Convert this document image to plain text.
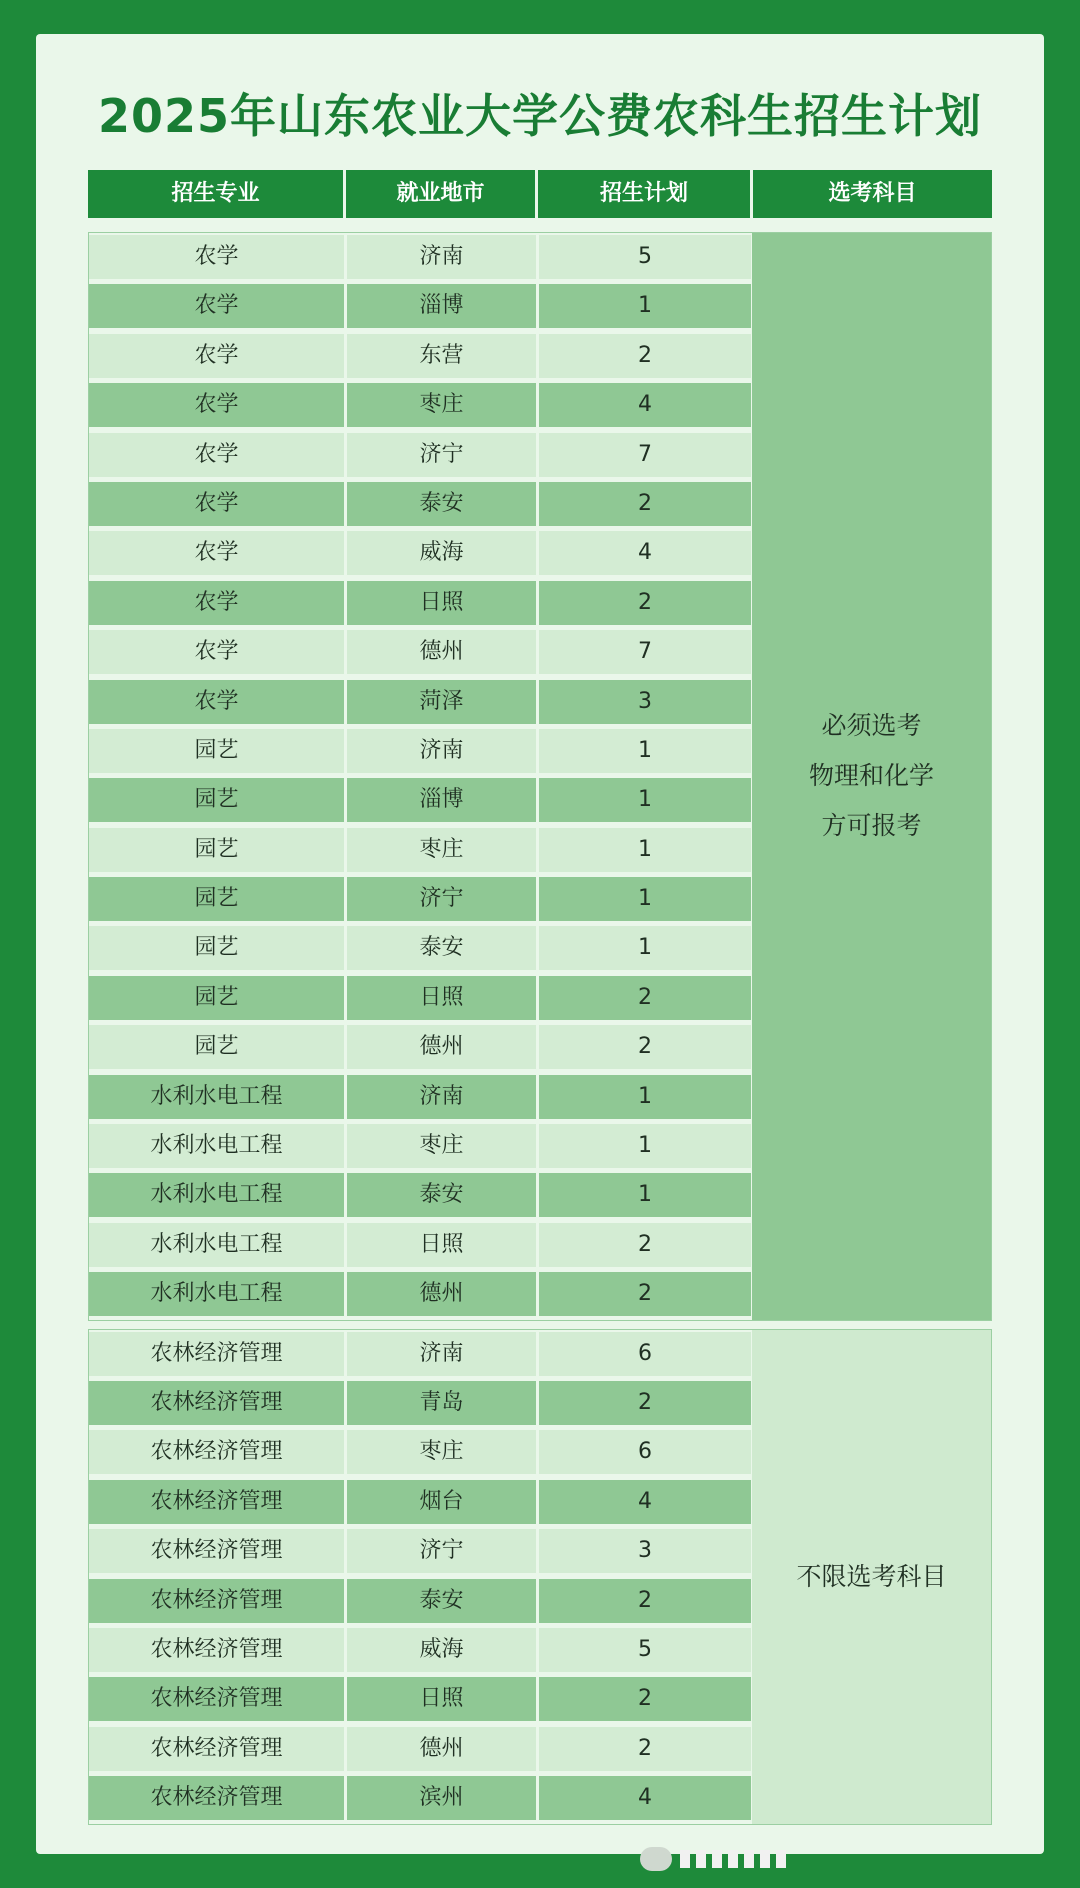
2025年山东农业大学公费农科生招生计划
招生专业	就业地市	招生计划	选考科目
农学	济南	5
农学	淄博	1
农学	东营	2
农学	枣庄	4
农学	济宁	7
农学	泰安	2
农学	威海	4
农学	日照	2
农学	德州	7
农学	菏泽	3
园艺	济南	1
园艺	淄博	1
园艺	枣庄	1
园艺	济宁	1
园艺	泰安	1
园艺	日照	2
园艺	德州	2
水利水电工程	济南	1
水利水电工程	枣庄	1
水利水电工程	泰安	1
水利水电工程	日照	2
水利水电工程	德州	2
必须选考
物理和化学
方可报考
农林经济管理	济南	6
农林经济管理	青岛	2
农林经济管理	枣庄	6
农林经济管理	烟台	4
农林经济管理	济宁	3
农林经济管理	泰安	2
农林经济管理	威海	5
农林经济管理	日照	2
农林经济管理	德州	2
农林经济管理	滨州	4
不限选考科目
